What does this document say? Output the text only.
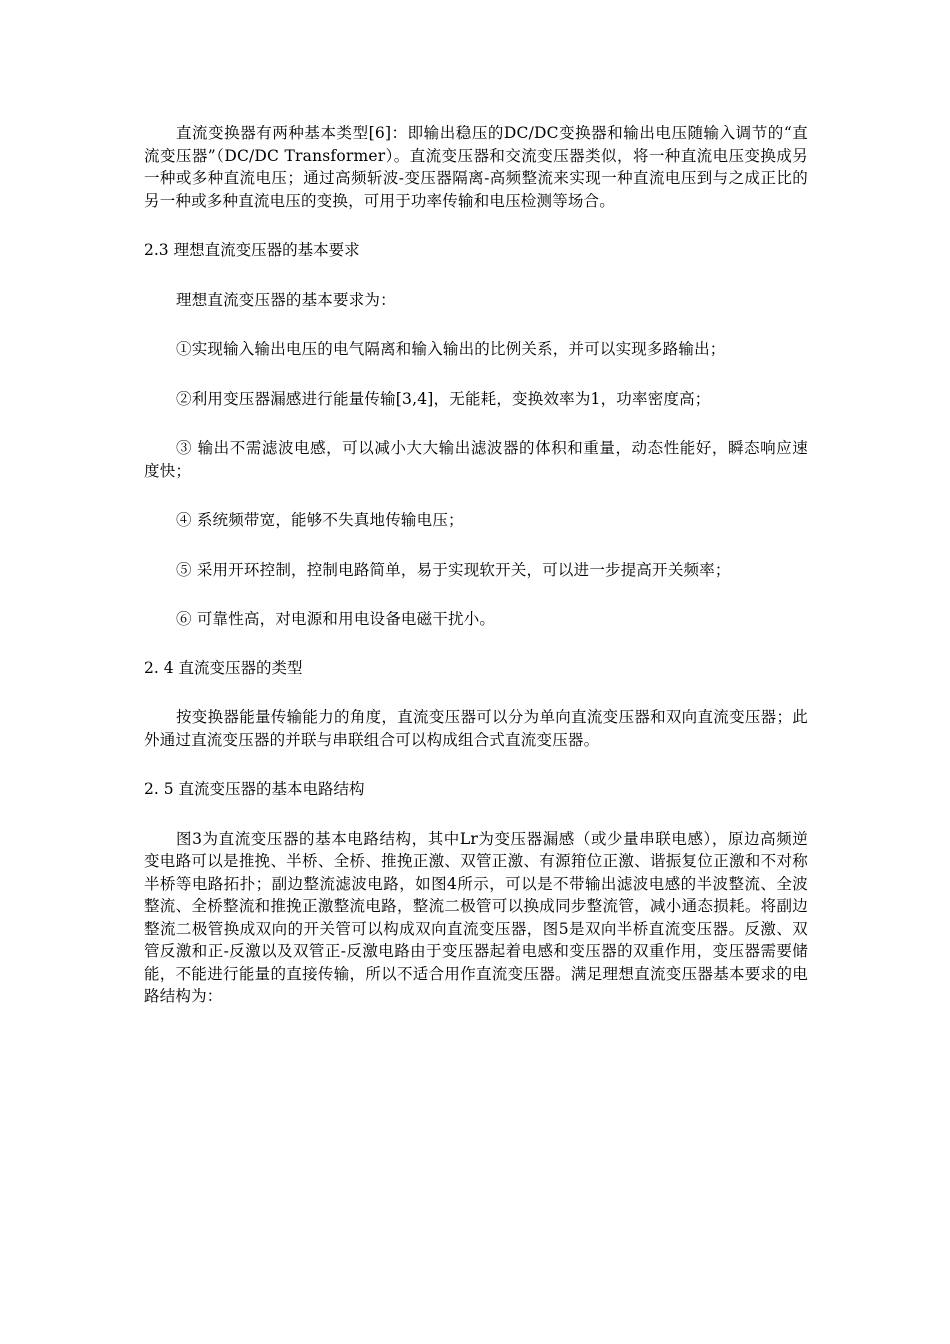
直流变换器有两种基本类型[6]：即输出稳压的DC/DC变换器和输出电压随输入调节的“直流变压器”（DC/DC Transformer）。直流变压器和交流变压器类似，将一种直流电压变换成另一种或多种直流电压；通过高频斩波-变压器隔离-高频整流来实现一种直流电压到与之成正比的另一种或多种直流电压的变换，可用于功率传输和电压检测等场合。

2.3 理想直流变压器的基本要求

理想直流变压器的基本要求为：

①实现输入输出电压的电气隔离和输入输出的比例关系，并可以实现多路输出；

②利用变压器漏感进行能量传输[3,4]，无能耗，变换效率为1，功率密度高；

③ 输出不需滤波电感，可以减小大大输出滤波器的体积和重量，动态性能好，瞬态响应速度快；

④ 系统频带宽，能够不失真地传输电压；

⑤ 采用开环控制，控制电路简单，易于实现软开关，可以进一步提高开关频率；

⑥ 可靠性高，对电源和用电设备电磁干扰小。

2. 4 直流变压器的类型

按变换器能量传输能力的角度，直流变压器可以分为单向直流变压器和双向直流变压器；此外通过直流变压器的并联与串联组合可以构成组合式直流变压器。

2. 5 直流变压器的基本电路结构

图3为直流变压器的基本电路结构，其中Lr为变压器漏感（或少量串联电感），原边高频逆变电路可以是推挽、半桥、全桥、推挽正激、双管正激、有源箝位正激、谐振复位正激和不对称半桥等电路拓扑；副边整流滤波电路，如图4所示，可以是不带输出滤波电感的半波整流、全波整流、全桥整流和推挽正激整流电路，整流二极管可以换成同步整流管，减小通态损耗。将副边整流二极管换成双向的开关管可以构成双向直流变压器，图5是双向半桥直流变压器。反激、双管反激和正-反激以及双管正-反激电路由于变压器起着电感和变压器的双重作用，变压器需要储能，不能进行能量的直接传输，所以不适合用作直流变压器。满足理想直流变压器基本要求的电路结构为：
